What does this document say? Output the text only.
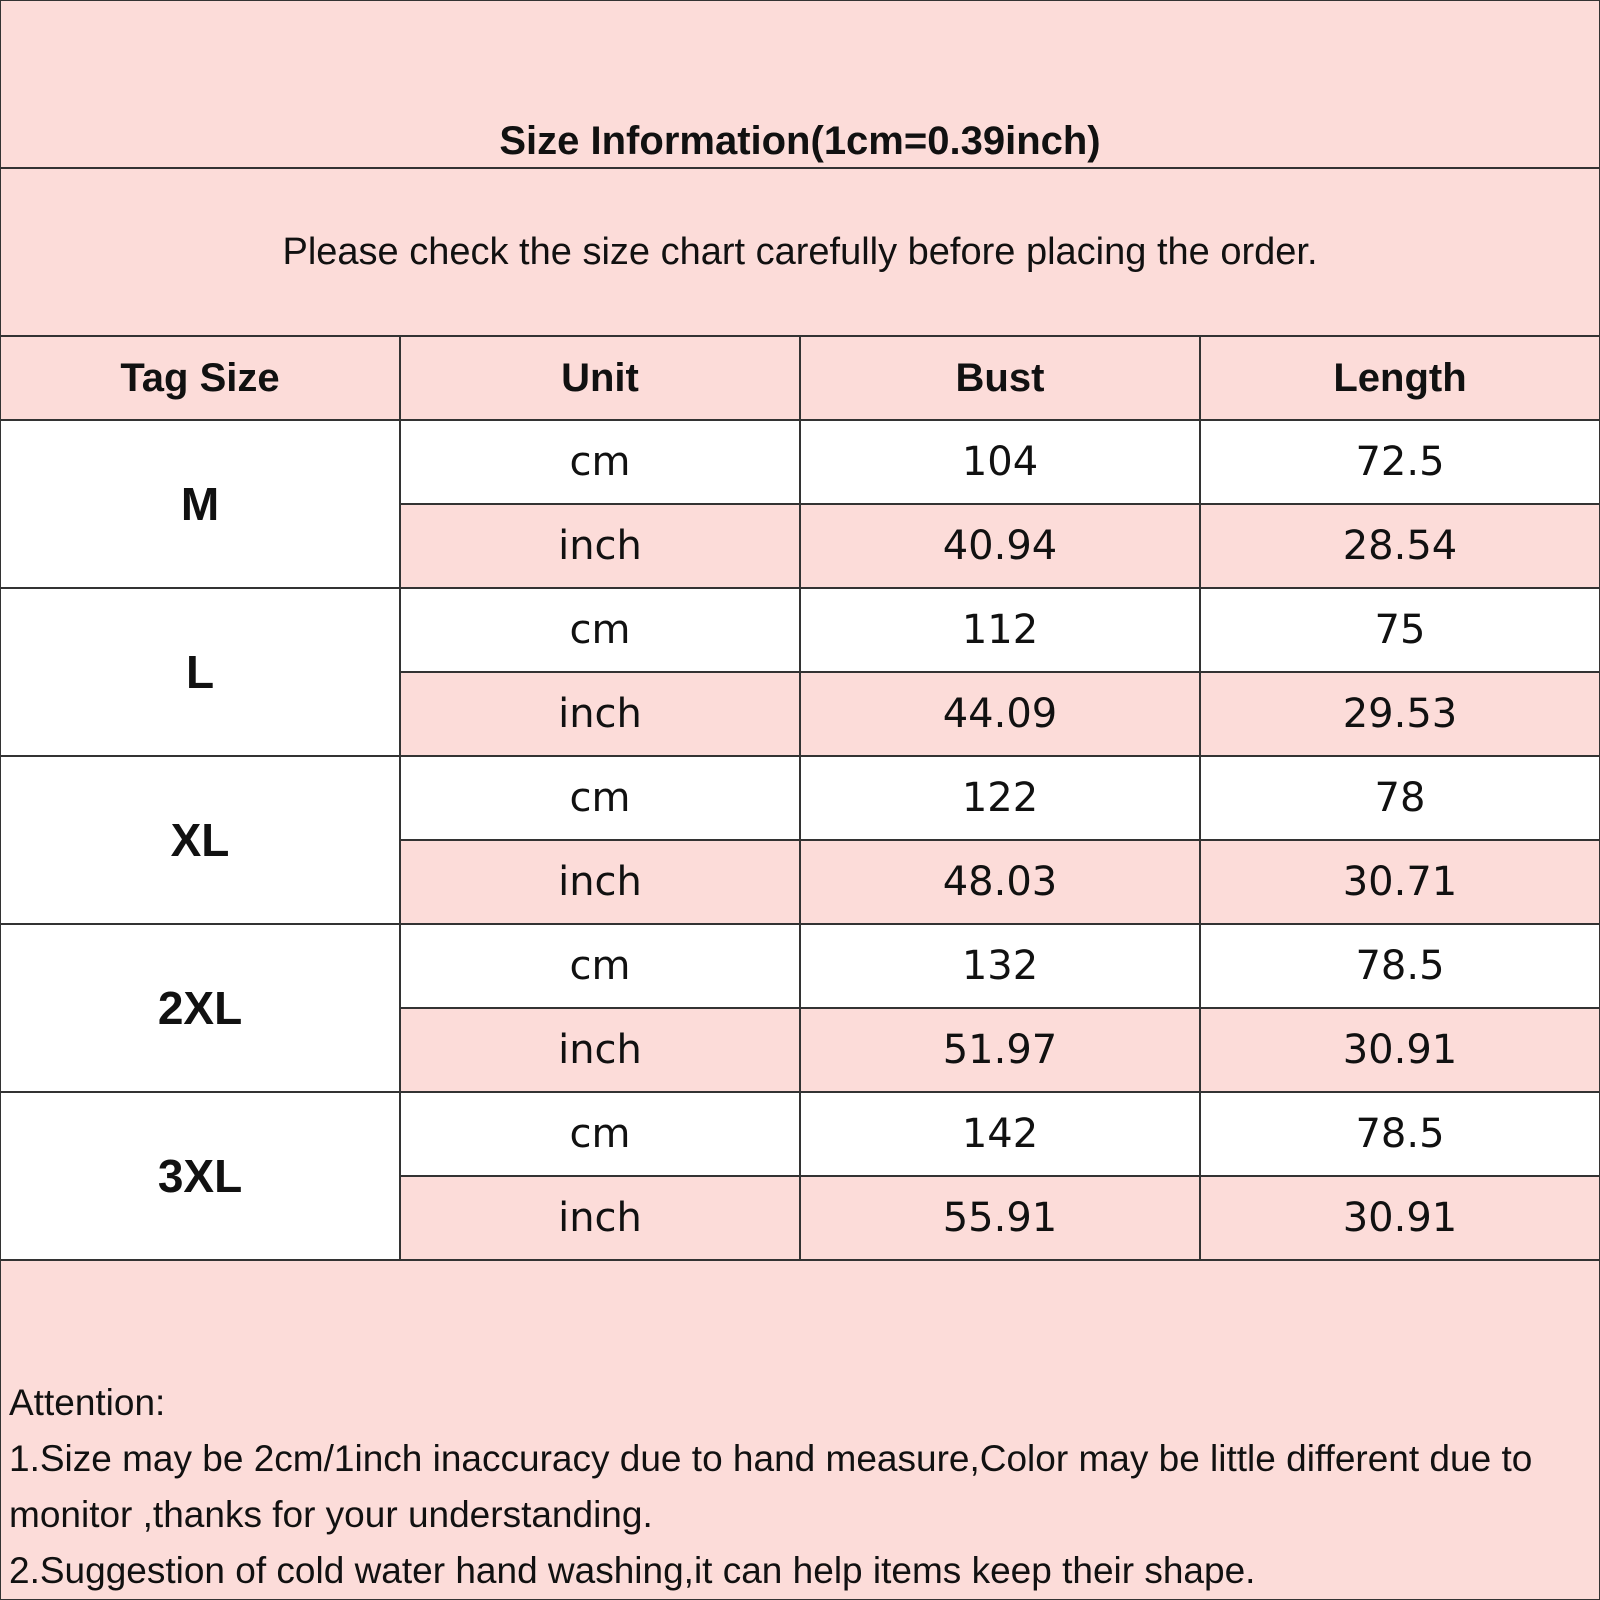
Size Information(1cm=0.39inch)
Please check the size chart carefully before placing the order.
Tag Size	Unit	Bust	Length
M
cm	104	72.5
inch	40.94	28.54
L
cm	112	75
inch	44.09	29.53
XL
cm	122	78
inch	48.03	30.71
2XL
cm	132	78.5
inch	51.97	30.91
3XL
cm	142	78.5
inch	55.91	30.91

Attention:

1.Size may be 2cm/1inch inaccuracy due to hand measure,Color may be little different due to monitor ,thanks for your understanding.

2.Suggestion of cold water hand washing,it can help items keep their shape.
